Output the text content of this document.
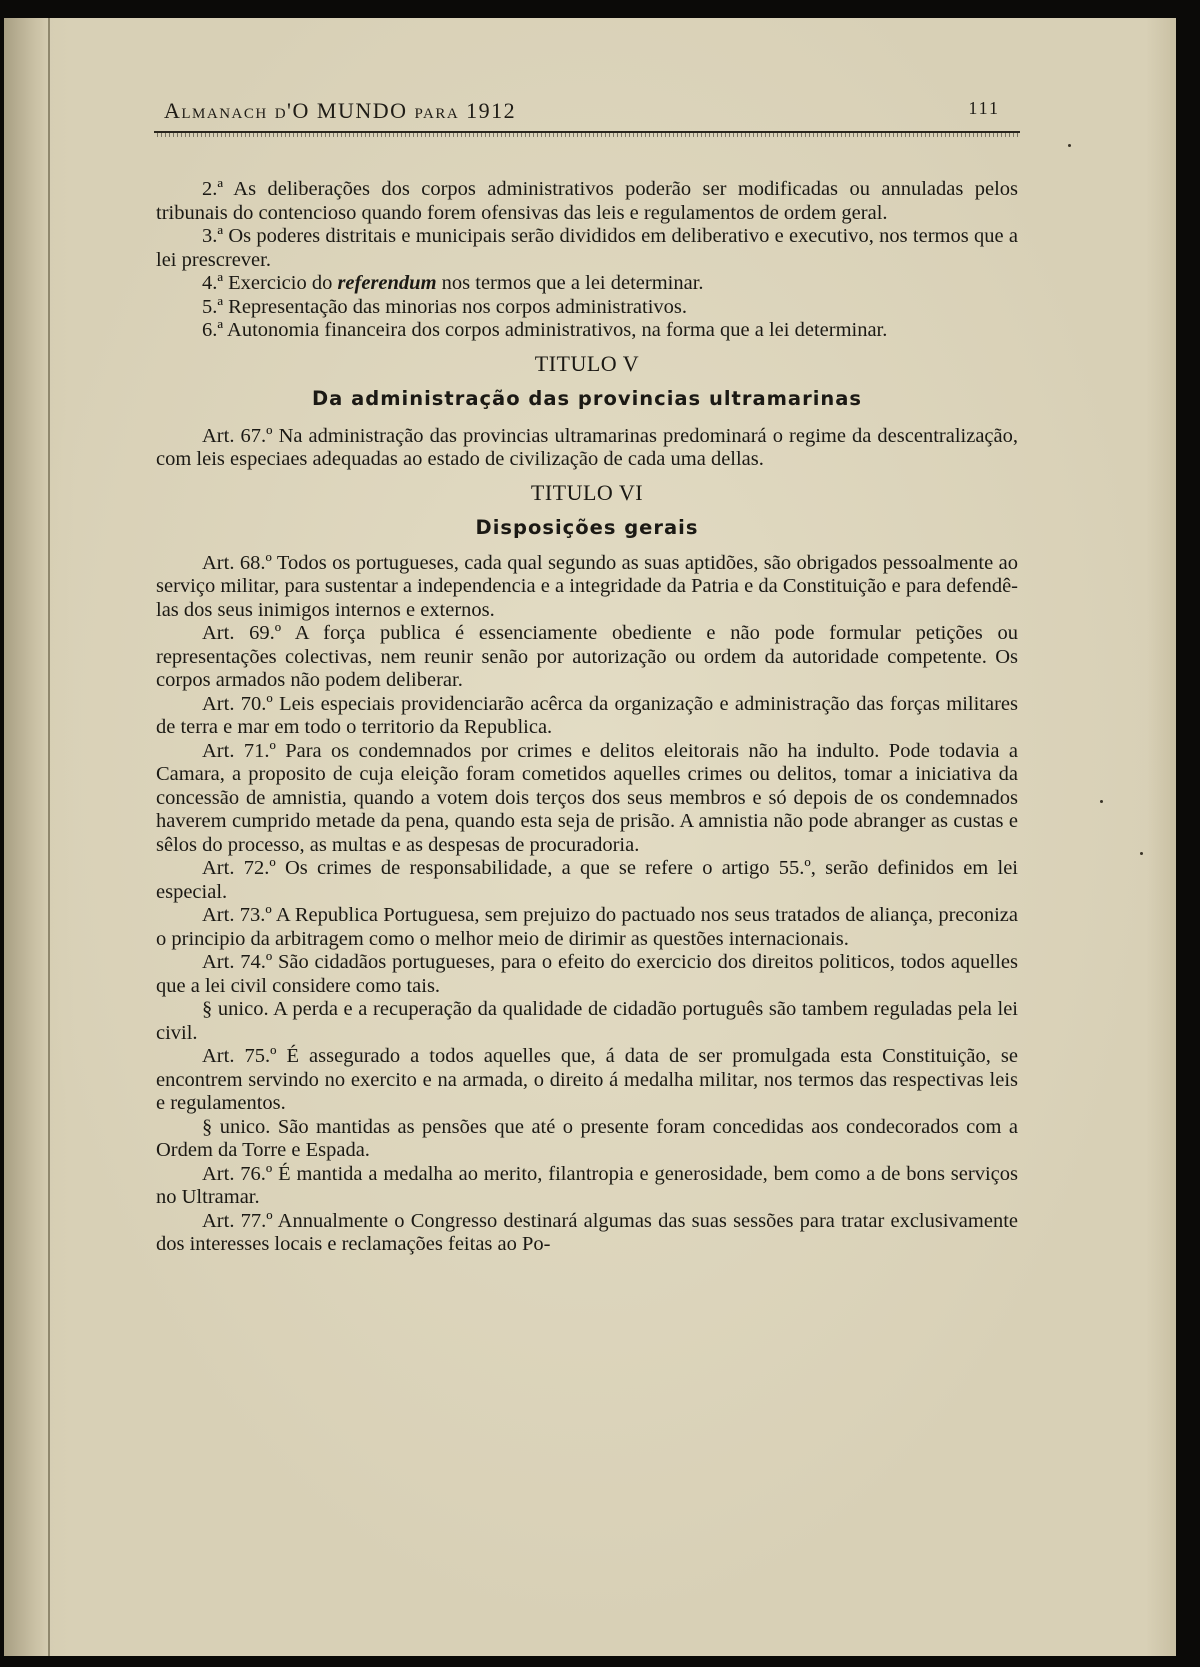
Almanach d'O MUNDO para 1912	111

2.ª As deliberações dos corpos administrativos poderão ser modificadas ou annuladas pelos tribunais do contencioso quando forem ofensivas das leis e regulamentos de ordem geral.

3.ª Os poderes distritais e municipais serão divididos em deliberativo e executivo, nos termos que a lei prescrever.

4.ª Exercicio do referendum nos termos que a lei determinar.

5.ª Representação das minorias nos corpos administrativos.

6.ª Autonomia financeira dos corpos administrativos, na forma que a lei determinar.

TITULO V
Da administração das provincias ultramarinas

Art. 67.º Na administração das provincias ultramarinas predominará o regime da descentralização, com leis especiaes adequadas ao estado de civilização de cada uma dellas.

TITULO VI
Disposições gerais

Art. 68.º Todos os portugueses, cada qual segundo as suas aptidões, são obrigados pessoalmente ao serviço militar, para sustentar a independencia e a integridade da Patria e da Constituição e para defendê-las dos seus inimigos internos e externos.

Art. 69.º A força publica é essenciamente obediente e não pode formular petições ou representações colectivas, nem reunir senão por autorização ou ordem da autoridade competente. Os corpos armados não podem deliberar.

Art. 70.º Leis especiais providenciarão acêrca da organização e administração das forças militares de terra e mar em todo o territorio da Republica.

Art. 71.º Para os condemnados por crimes e delitos eleitorais não ha indulto. Pode todavia a Camara, a proposito de cuja eleição foram cometidos aquelles crimes ou delitos, tomar a iniciativa da concessão de amnistia, quando a votem dois terços dos seus membros e só depois de os condemnados haverem cumprido metade da pena, quando esta seja de prisão. A amnistia não pode abranger as custas e sêlos do processo, as multas e as despesas de procuradoria.

Art. 72.º Os crimes de responsabilidade, a que se refere o artigo 55.º, serão definidos em lei especial.

Art. 73.º A Republica Portuguesa, sem prejuizo do pactuado nos seus tratados de aliança, preconiza o principio da arbitragem como o melhor meio de dirimir as questões internacionais.

Art. 74.º São cidadãos portugueses, para o efeito do exercicio dos direitos politicos, todos aquelles que a lei civil considere como tais.

§ unico. A perda e a recuperação da qualidade de cidadão português são tambem reguladas pela lei civil.

Art. 75.º É assegurado a todos aquelles que, á data de ser promulgada esta Constituição, se encontrem servindo no exercito e na armada, o direito á medalha militar, nos termos das respectivas leis e regulamentos.

§ unico. São mantidas as pensões que até o presente foram concedidas aos condecorados com a Ordem da Torre e Espada.

Art. 76.º É mantida a medalha ao merito, filantropia e generosidade, bem como a de bons serviços no Ultramar.

Art. 77.º Annualmente o Congresso destinará algumas das suas sessões para tratar exclusivamente dos interesses locais e reclamações feitas ao Po-
